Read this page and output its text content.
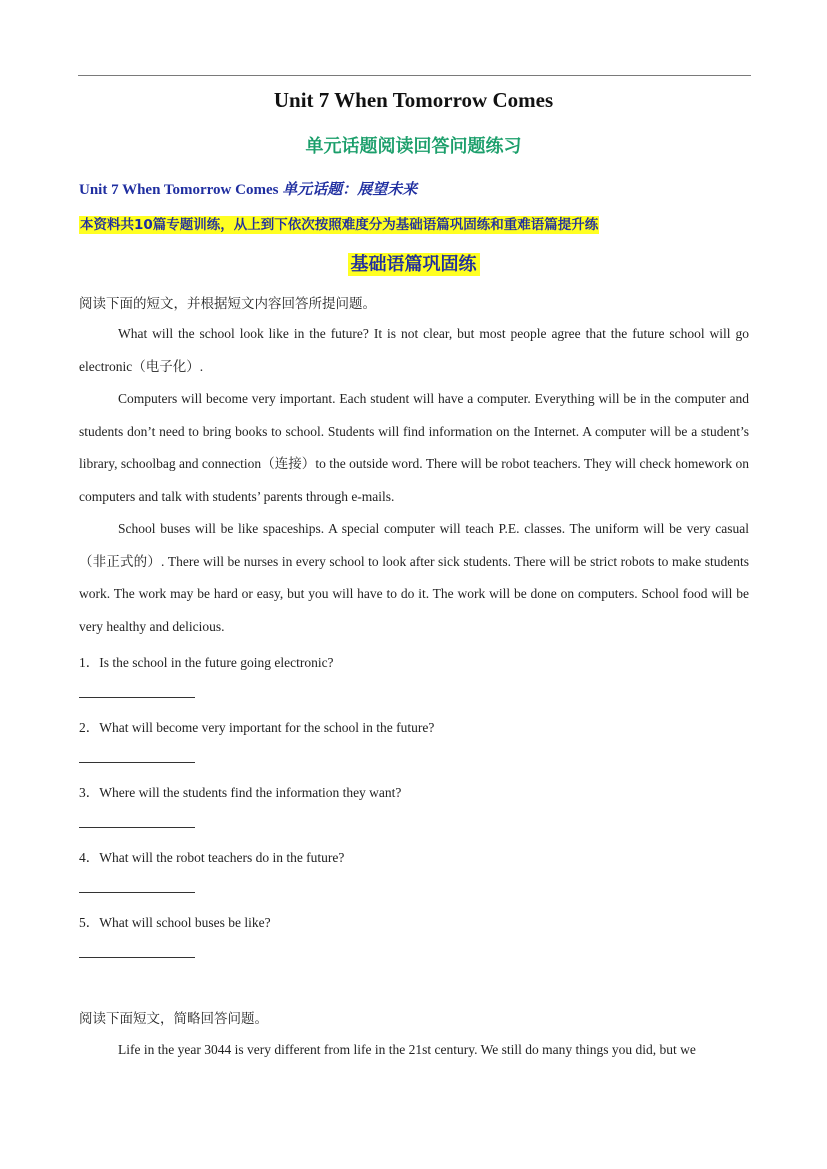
Unit 7 When Tomorrow Comes
单元话题阅读回答问题练习
Unit 7 When Tomorrow Comes 单元话题：展望未来
本资料共10篇专题训练，从上到下依次按照难度分为基础语篇巩固练和重难语篇提升练
基础语篇巩固练
阅读下面的短文，并根据短文内容回答所提问题。

What will the school look like in the future? It is not clear, but most people agree that the future school will go electronic（电子化）.

Computers will become very important. Each student will have a computer. Everything will be in the computer and students don’t need to bring books to school. Students will find information on the Internet. A computer will be a student’s library, schoolbag and connection（连接）to the outside word. There will be robot teachers. They will check homework on computers and talk with students’ parents through e-mails.

School buses will be like spaceships. A special computer will teach P.E. classes. The uniform will be very casual（非正式的）. There will be nurses in every school to look after sick students. There will be strict robots to make students work. The work may be hard or easy, but you will have to do it. The work will be done on computers. School food will be very healthy and delicious.

1．Is the school in the future going electronic?
2．What will become very important for the school in the future?
3．Where will the students find the information they want?
4．What will the robot teachers do in the future?
5．What will school buses be like?
阅读下面短文，简略回答问题。

Life in the year 3044 is very different from life in the 21st century. We still do many things you did, but we
